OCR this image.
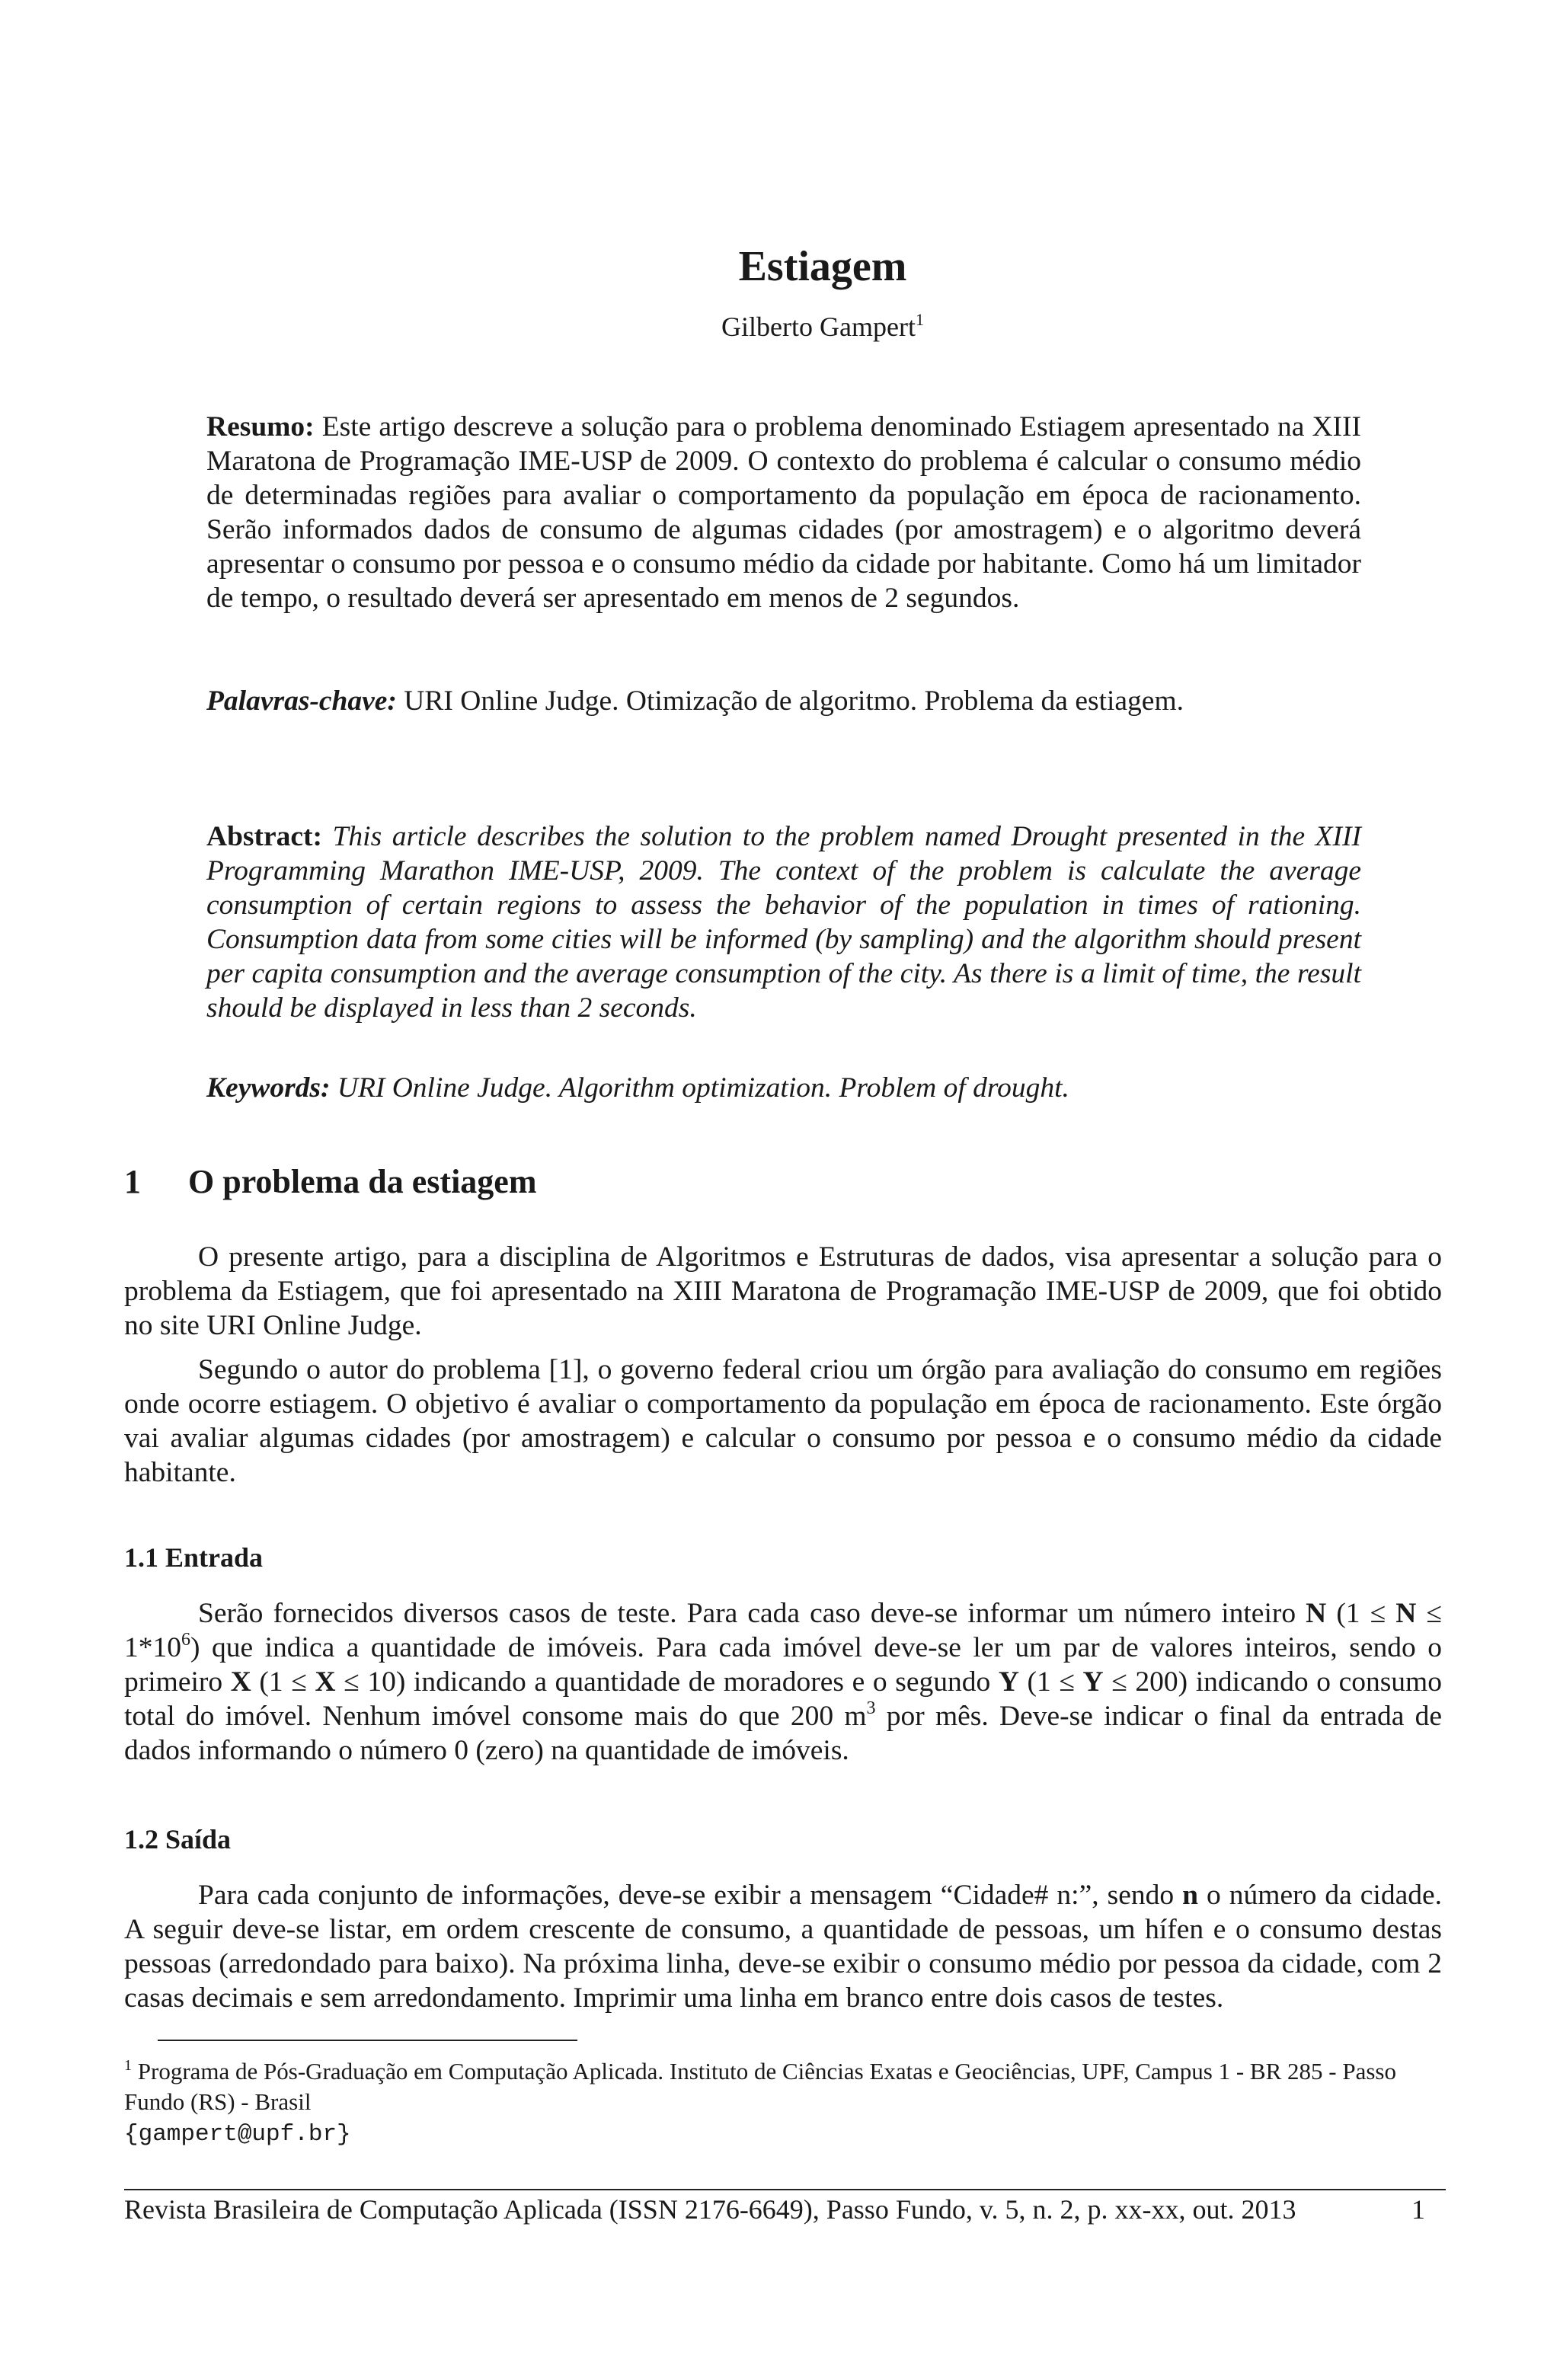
Estiagem
Gilberto Gampert$^1$
Resumo: Este artigo descreve a solução para o problema denominado Estiagem apresentado na XIII Maratona de Programação IME-USP de 2009. O contexto do problema é calcular o consumo médio de determinadas regiões para avaliar o comportamento da população em época de racionamento. Serão informados dados de consumo de algumas cidades (por amostragem) e o algoritmo deverá apresentar o consumo por pessoa e o consumo médio da cidade por habitante. Como há um limitador de tempo, o resultado deverá ser apresentado em menos de 2 segundos.
Palavras-chave: URI Online Judge. Otimização de algoritmo. Problema da estiagem.
Abstract: This article describes the solution to the problem named Drought presented in the XIII Programming Marathon IME-USP, 2009. The context of the problem is calculate the average consumption of certain regions to assess the behavior of the population in times of rationing. Consumption data from some cities will be informed (by sampling) and the algorithm should present per capita consumption and the average consumption of the city. As there is a limit of time, the result should be displayed in less than 2 seconds.
Keywords: URI Online Judge. Algorithm optimization. Problem of drought.
1 O problema da estiagem
O presente artigo, para a disciplina de Algoritmos e Estruturas de dados, visa apresentar a solução para o problema da Estiagem, que foi apresentado na XIII Maratona de Programação IME-USP de 2009, que foi obtido no site URI Online Judge.
Segundo o autor do problema [1], o governo federal criou um órgão para avaliação do consumo em regiões onde ocorre estiagem. O objetivo é avaliar o comportamento da população em época de racionamento. Este órgão vai avaliar algumas cidades (por amostragem) e calcular o consumo por pessoa e o consumo médio da cidade habitante.
1.1 Entrada
Serão fornecidos diversos casos de teste. Para cada caso deve-se informar um número inteiro N $(1 \le N \le 1*10^6)$ que indica a quantidade de imóveis. Para cada imóvel deve-se ler um par de valores inteiros, sendo o primeiro X (1 ≤ X ≤ 10) indicando a quantidade de moradores e o segundo Y (1 ≤ Y ≤ 200) indicando o consumo total do imóvel. Nenhum imóvel consome mais do que 200 $m^3$ por mês. Deve-se indicar o final da entrada de dados informando o número 0 (zero) na quantidade de imóveis.
1.2 Saída
Para cada conjunto de informações, deve-se exibir a mensagem “Cidade# n:”, sendo n o número da cidade. A seguir deve-se listar, em ordem crescente de consumo, a quantidade de pessoas, um hífen e o consumo destas pessoas (arredondado para baixo). Na próxima linha, deve-se exibir o consumo médio por pessoa da cidade, com 2 casas decimais e sem arredondamento. Imprimir uma linha em branco entre dois casos de testes.
$^1$ Programa de Pós-Graduação em Computação Aplicada. Instituto de Ciências Exatas e Geociências, UPF, Campus 1 - BR 285 - Passo Fundo (RS) - Brasil
{gampert@upf.br}
Revista Brasileira de Computação Aplicada (ISSN 2176-6649), Passo Fundo, v. 5, n. 2, p. xx-xx, out. 2013	1
